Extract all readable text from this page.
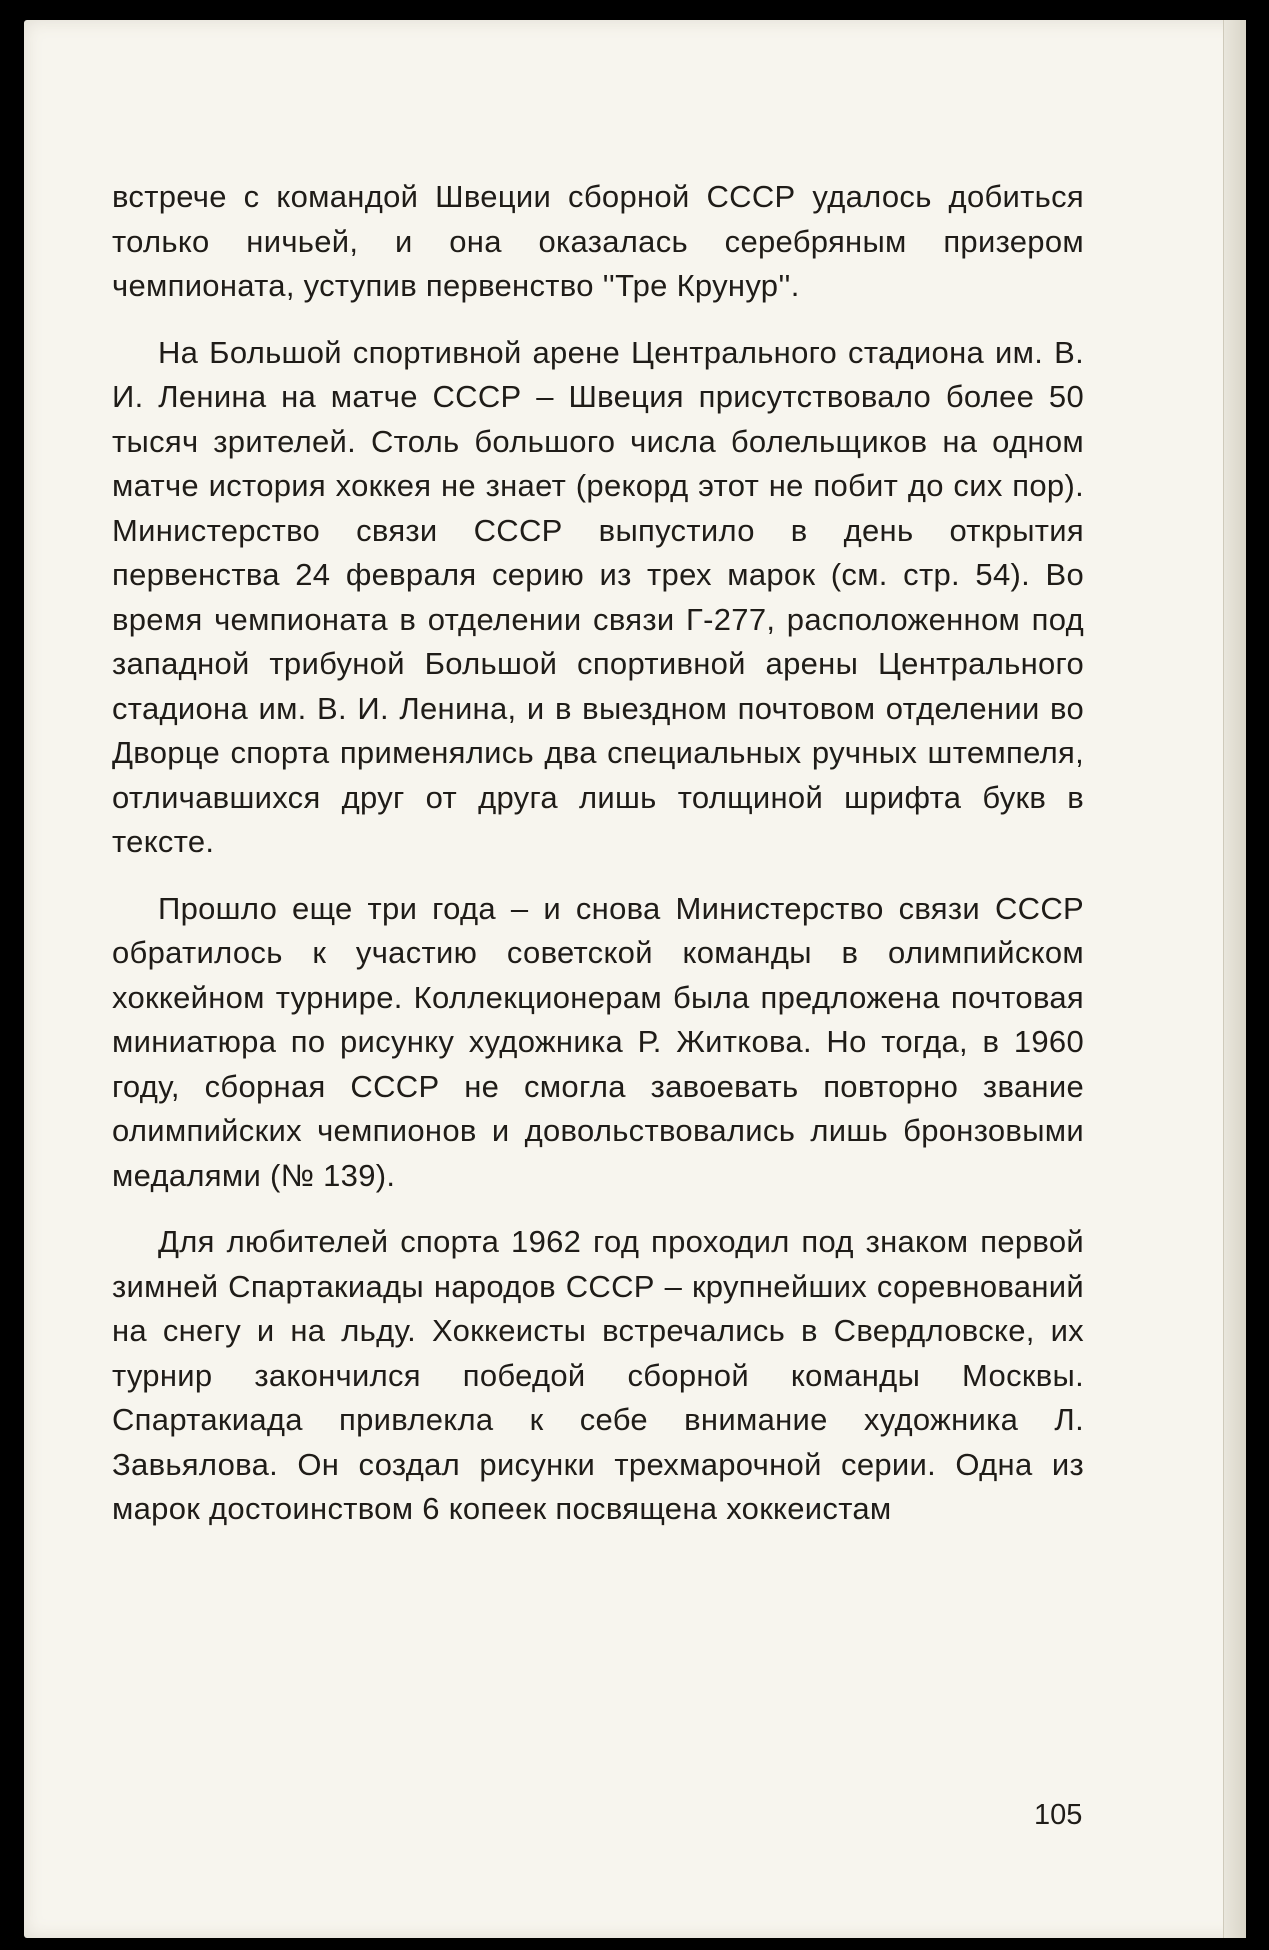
встрече с командой Швеции сборной СССР удалось добиться только ничьей, и она оказалась серебряным призером чемпионата, уступив первенство ''Тре Крунур''.

На Большой спортивной арене Центрального стадиона им. В. И. Ленина на матче СССР – Швеция присутствовало более 50 тысяч зрителей. Столь большого числа болельщиков на одном матче история хоккея не знает (рекорд этот не побит до сих пор). Министерство связи СССР выпустило в день открытия первенства 24 февраля серию из трех марок (см. стр. 54). Во время чемпионата в отделении связи Г-277, расположенном под западной трибуной Большой спортивной арены Центрального стадиона им. В. И. Ленина, и в выездном почтовом отделении во Дворце спорта применялись два специальных ручных штемпеля, отличавшихся друг от друга лишь толщиной шрифта букв в тексте.

Прошло еще три года – и снова Министерство связи СССР обратилось к участию советской команды в олимпийском хоккейном турнире. Коллекционерам была предложена почтовая миниатюра по рисунку художника Р. Житкова. Но тогда, в 1960 году, сборная СССР не смогла завоевать повторно звание олимпийских чемпионов и довольствовались лишь бронзовыми медалями (№ 139).

Для любителей спорта 1962 год проходил под знаком первой зимней Спартакиады народов СССР – крупнейших соревнований на снегу и на льду. Хоккеисты встречались в Свердловске, их турнир закончился победой сборной команды Москвы. Спартакиада привлекла к себе внимание художника Л. Завьялова. Он создал рисунки трехмарочной серии. Одна из марок достоинством 6 копеек посвящена хоккеистам

105
